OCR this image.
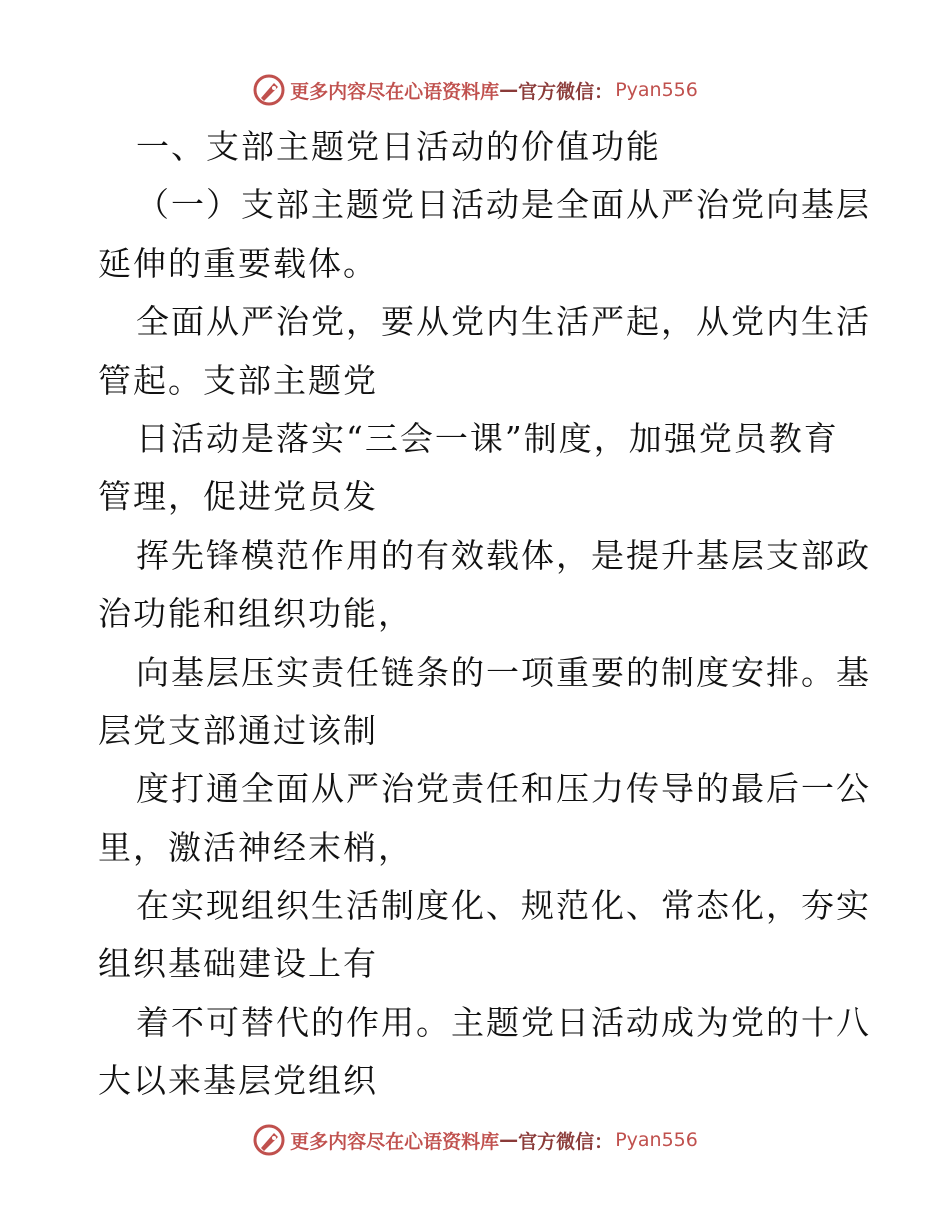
更多内容尽在心语资料库 — 官方微信： Pyan556
一、支部主题党日活动的价值功能
（一）支部主题党日活动是全面从严治党向基层
延伸的重要载体。
全面从严治党，要从党内生活严起，从党内生活
管起。支部主题党
日活动是落实“三会一课”制度，加强党员教育
管理，促进党员发
挥先锋模范作用的有效载体，是提升基层支部政
治功能和组织功能，
向基层压实责任链条的一项重要的制度安排。基
层党支部通过该制
度打通全面从严治党责任和压力传导的最后一公
里，激活神经末梢，
在实现组织生活制度化、规范化、常态化，夯实
组织基础建设上有
着不可替代的作用。主题党日活动成为党的十八
大以来基层党组织
更多内容尽在心语资料库 — 官方微信： Pyan556
